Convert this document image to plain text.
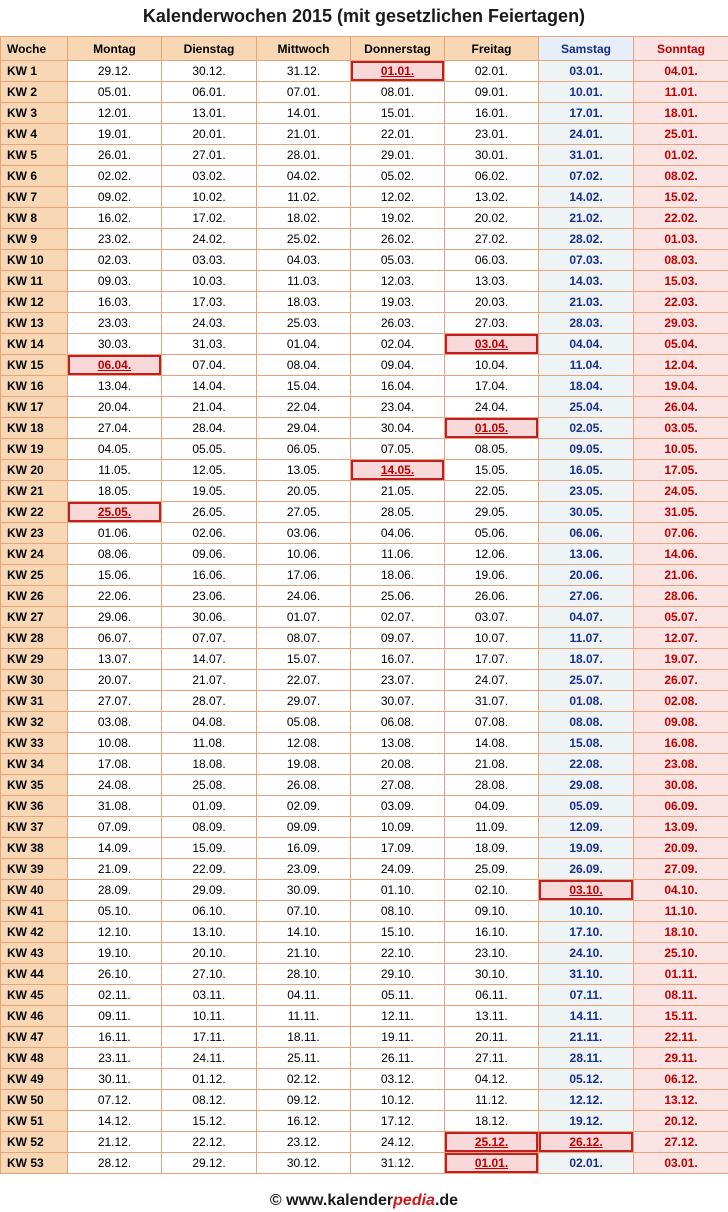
Kalenderwochen 2015 (mit gesetzlichen Feiertagen)
Woche	Montag	Dienstag	Mittwoch	Donnerstag	Freitag	Samstag	Sonntag
KW 1	29.12.	30.12.	31.12.	01.01.	02.01.	03.01.	04.01.
KW 2	05.01.	06.01.	07.01.	08.01.	09.01.	10.01.	11.01.
KW 3	12.01.	13.01.	14.01.	15.01.	16.01.	17.01.	18.01.
KW 4	19.01.	20.01.	21.01.	22.01.	23.01.	24.01.	25.01.
KW 5	26.01.	27.01.	28.01.	29.01.	30.01.	31.01.	01.02.
KW 6	02.02.	03.02.	04.02.	05.02.	06.02.	07.02.	08.02.
KW 7	09.02.	10.02.	11.02.	12.02.	13.02.	14.02.	15.02.
KW 8	16.02.	17.02.	18.02.	19.02.	20.02.	21.02.	22.02.
KW 9	23.02.	24.02.	25.02.	26.02.	27.02.	28.02.	01.03.
KW 10	02.03.	03.03.	04.03.	05.03.	06.03.	07.03.	08.03.
KW 11	09.03.	10.03.	11.03.	12.03.	13.03.	14.03.	15.03.
KW 12	16.03.	17.03.	18.03.	19.03.	20.03.	21.03.	22.03.
KW 13	23.03.	24.03.	25.03.	26.03.	27.03.	28.03.	29.03.
KW 14	30.03.	31.03.	01.04.	02.04.	03.04.	04.04.	05.04.
KW 15	06.04.	07.04.	08.04.	09.04.	10.04.	11.04.	12.04.
KW 16	13.04.	14.04.	15.04.	16.04.	17.04.	18.04.	19.04.
KW 17	20.04.	21.04.	22.04.	23.04.	24.04.	25.04.	26.04.
KW 18	27.04.	28.04.	29.04.	30.04.	01.05.	02.05.	03.05.
KW 19	04.05.	05.05.	06.05.	07.05.	08.05.	09.05.	10.05.
KW 20	11.05.	12.05.	13.05.	14.05.	15.05.	16.05.	17.05.
KW 21	18.05.	19.05.	20.05.	21.05.	22.05.	23.05.	24.05.
KW 22	25.05.	26.05.	27.05.	28.05.	29.05.	30.05.	31.05.
KW 23	01.06.	02.06.	03.06.	04.06.	05.06.	06.06.	07.06.
KW 24	08.06.	09.06.	10.06.	11.06.	12.06.	13.06.	14.06.
KW 25	15.06.	16.06.	17.06.	18.06.	19.06.	20.06.	21.06.
KW 26	22.06.	23.06.	24.06.	25.06.	26.06.	27.06.	28.06.
KW 27	29.06.	30.06.	01.07.	02.07.	03.07.	04.07.	05.07.
KW 28	06.07.	07.07.	08.07.	09.07.	10.07.	11.07.	12.07.
KW 29	13.07.	14.07.	15.07.	16.07.	17.07.	18.07.	19.07.
KW 30	20.07.	21.07.	22.07.	23.07.	24.07.	25.07.	26.07.
KW 31	27.07.	28.07.	29.07.	30.07.	31.07.	01.08.	02.08.
KW 32	03.08.	04.08.	05.08.	06.08.	07.08.	08.08.	09.08.
KW 33	10.08.	11.08.	12.08.	13.08.	14.08.	15.08.	16.08.
KW 34	17.08.	18.08.	19.08.	20.08.	21.08.	22.08.	23.08.
KW 35	24.08.	25.08.	26.08.	27.08.	28.08.	29.08.	30.08.
KW 36	31.08.	01.09.	02.09.	03.09.	04.09.	05.09.	06.09.
KW 37	07.09.	08.09.	09.09.	10.09.	11.09.	12.09.	13.09.
KW 38	14.09.	15.09.	16.09.	17.09.	18.09.	19.09.	20.09.
KW 39	21.09.	22.09.	23.09.	24.09.	25.09.	26.09.	27.09.
KW 40	28.09.	29.09.	30.09.	01.10.	02.10.	03.10.	04.10.
KW 41	05.10.	06.10.	07.10.	08.10.	09.10.	10.10.	11.10.
KW 42	12.10.	13.10.	14.10.	15.10.	16.10.	17.10.	18.10.
KW 43	19.10.	20.10.	21.10.	22.10.	23.10.	24.10.	25.10.
KW 44	26.10.	27.10.	28.10.	29.10.	30.10.	31.10.	01.11.
KW 45	02.11.	03.11.	04.11.	05.11.	06.11.	07.11.	08.11.
KW 46	09.11.	10.11.	11.11.	12.11.	13.11.	14.11.	15.11.
KW 47	16.11.	17.11.	18.11.	19.11.	20.11.	21.11.	22.11.
KW 48	23.11.	24.11.	25.11.	26.11.	27.11.	28.11.	29.11.
KW 49	30.11.	01.12.	02.12.	03.12.	04.12.	05.12.	06.12.
KW 50	07.12.	08.12.	09.12.	10.12.	11.12.	12.12.	13.12.
KW 51	14.12.	15.12.	16.12.	17.12.	18.12.	19.12.	20.12.
KW 52	21.12.	22.12.	23.12.	24.12.	25.12.	26.12.	27.12.
KW 53	28.12.	29.12.	30.12.	31.12.	01.01.	02.01.	03.01.
© www.kalenderpedia.de
